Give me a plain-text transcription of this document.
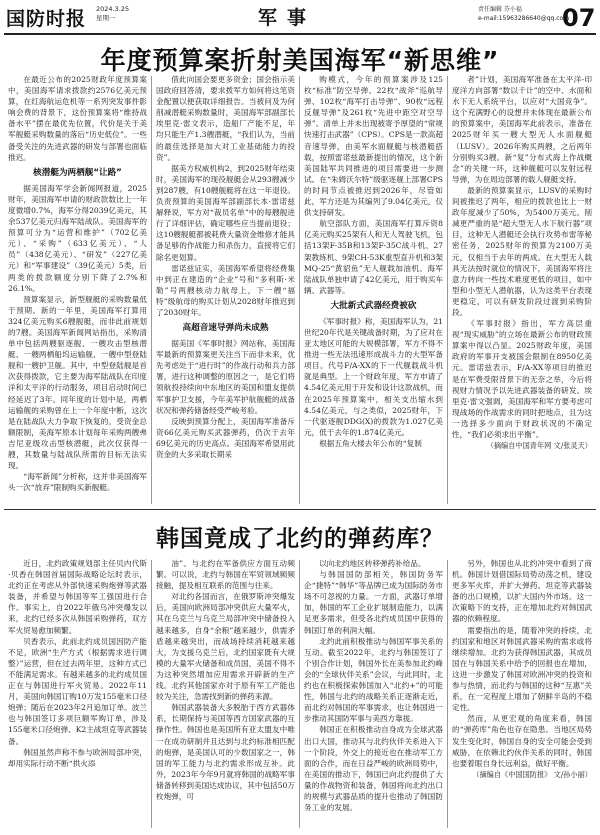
国防时报 2024.3.25
星期一	军事	责任编辑 芬小福
e-mail:15963286640@qq.com
07
年度预算案折射美国海军“新思维”

在最近公布的2025财政年度预算案中，美国海军请求拨款约2576亿美元预算，在红海航运危机等一系列突发事件影响会费的背景下，这份预算案将“维持战备水平”摆在最优先位置，代价是关于美军舰艇采购数量的落后“历史低位”。一些备受关注的先进武器的研发与部署也面临推迟。

核潜艇为两栖舰“让路”

据美国海军学会新闻网报道，2025财年，美国海军申请的财政款数比上一年度微增0.7%，海军分得2039亿美元，其余537亿美元归海军陆战队。美国海军的预算可分为“运营和维护”（702亿美元）、“采购”（633亿美元）、“人员”（438亿美元）、“研发”（227亿美元）和“军事建设”（39亿美元）5类，后两类的拨款额度分别下降了2.7%和26.1%。

预算案显示，新型舰艇的采购数量低于预期。新的一年里，美国海军打算用324亿美元购买6艘舰艇，而非此前规划的7艘。美国海军新闻网站指出，采购清单中包括两艘驱逐舰、一艘攻击型核潜艇、一艘两栖船坞运输舰、一艘中型登陆舰和一艘护卫舰。其中，中型登陆舰是首次获得拨款，它主要为海军陆战队在印度洋和太平洋的行动服务，项目启动时间已经延迟了3年。同年度的计划中是，两栖运输舰的采购曾在上一个年度中断，这次是在陆战队大力争取下恢复的。受资金总额限制，美海军原本计划每年采购两艘弗吉尼亚级攻击型核潜艇，此次仅获得一艘，其数量与陆战队所需的目标无法实现。

“海军新闻”分析称，这并非美国海军头一次“放弃”限制购买新舰艇。

借此向国会要更多资金；国会指示美国政府回答清，要求拨军方如何将这笔资金配置以便获取详细报告。当被问及为何削减潜艇采购数量时，美国海军部副部长埃里克·雷文表示，造船厂产能不足，年均只能生产1.3艘潜艇，“我们认为，当前的最佳选择是加大对工业基础能力的投资”。

据美方权威机构2，到2025财年结束时，美国海军的现役舰艇会从293艘减少到287艘，有10艘舰艇将在这一年退役。负责预算的美国海军部副部长本·雷诺兹解释说，军方对“裁员名单”中的每艘舰进行了详细评估，确定哪些应当提前退役；这10艘舰艇都被耗费大量资金维修才能具备足够的作战能力和杀伤力，直接将它们除名更划算。

雷诺兹证实，美国海军希望将经费集中到正在建造的“企业”号和“多利斯·米勒”号两艘核动力航母上，下一艘“福特”级航母的购买计划从2028财年推迟到了2030财年。

高超音速导弹尚未成熟

据美国《军事时报》网站称，美国海军最新的预算案更关注当下而非未来，优先考虑处于“进行时”的作战行动和兵力部署，进行这种调整的原因之一，是它们将领航投持续向中东地区的美国和盟友提供军事护卫支援，今年美军护航舰艇的战备状况和弹药储备经受严峻考验。

反映到预算分配上，美国海军准备斥资66亿美元购买武器弹药，仍次于去年69亿美元的历史高点。美国海军希望用此资金的大多采取长期采

购模式，今年的预算案涉及125枚“标准”防空导弹、22枚“战斧”巡航导弹、102枚“海军打击导弹”、90枚“远程反舰导弹”及261枚“先进中距空对空导弹”。清单上并未出现被寄予厚望的“常规快速打击武器”（CPS）。CPS是一款高超音速导弹，由美军水面舰艇与核潜艇搭载，按照雷诺兹最新提出的情况，这个新美国陆军共同推进的项目需要进一步测试。在“朱姆沃尔特”级驱逐舰上部署CPS的时间节点被推迟到2026年，尽管如此，军方还是为其编列了9.04亿美元，仅供支持研发。

航空部队方面，美国海军打算斥资8亿美元购买25架有人和无人驾驶飞机，包括13架F-35B和13架F-35C战斗机、27架教练机、9架CH-53K重型直升机和3架MQ-25“黄貂鱼”无人舰载加油机。海军陆战队单独申请了42亿美元，用于购买车辆、武器等。

大批新式武器经费被砍

《军事时报》称，美国海军认为，21世纪20年代是关键战备时期，为了应对在亚太地区可能的大规模部署，军方不得不推进一些无法迅速形成战斗力的大型军备项目。代号F/A-XX的下一代舰载战斗机就是典型。上一个财政年度，军方申请了4.54亿美元用于开发和设计这款战机，而在2025年预算案中，相关支出缩水到4.54亿美元，与之类似，2025财年，下一代驱逐舰DDG(X)的拨款为1.027亿美元，低于去年的1.874亿美元。

根据五角大楼去年公布的“复制

者”计划，美国海军准备在太平洋-印度洋方向部署“数以千计”的空中、水面和水下无人系统平台，以应对“大国竞争”。这个充满野心的设想并未体现在最新公布的预算案中，美国海军此前表示，准备在2025财年买一艘大型无人水面舰艇（LUSV）。2026年购买两艘，之后两年分别购买3艘。新“复”分布式海上作战概念”的关键一环，这种舰艇可以发射远程导弹，为在周边部署的载人舰艇支持。

最新的预算案显示，LUSV的采购时间被推迟了两年，相应的拨款也比上一财政年度减少了50%，为5400万美元。削减更严重的是“超大型无人水下航行器”项目，这种无人潜艇还会执行攻势布雷等秘密任务，2025财年的预算为2100万美元，仅相当于去年的两成。在大型无人载具无法按时就位的情况下，美国海军将注意力转向一些技术难度更低的项目，如中型和小型无人潜航器，认为这类平台表现更稳定，可以有研发阶段过渡到采购阶段。

《军事时报》指出，军方高层重视“现实威胁”的立场在最新公布的财政预算案中得以凸显。2025财政年度，美国政府的军事开支被国会限制在8950亿美元。雷诺兹表示，F/A-XX等项目的推迟是在军费受限背景下的无奈之举，今后将视财力情况予以先进武器装备的研发。埃里克·雷文强调，美国海军和军方要考虑可现战场的作战需求的同时把地点，且为这一选择多少面向于财政状况的不确定性，“我们必须求出平衡”。

（摘编自中国青年网 文/张灵天）
韩国竟成了北约的弹药库？

近日，北约政策规划部主任贝内代斯·贝香在韩国首届国际战略论坛时表示，北约正在考虑从外部快速采购炮弹等武器装备，并希望与韩国等军工强国进行合作。事实上，自2022年俄乌冲突爆发以来，北约已经多次从韩国采购弹药，双方军火贸易愈加频繁。

贝香表示，此前北约成员国因防产能不足，欧洲“生产方式（根据需求进行调整）”运营，但在过去两年里，这种方式已不能满足需求。有越来越多的北约成员国正在与韩国进行军火贸易。2022年11月，美国向韩国订购10万发155毫米口径炮弹；随后在2023年2月追加订单。波兰也与韩国签订多项巨额军购订单，涉及155毫米口径炮弹、K2主战坦克等武器装备。

韩国虽然声称不参与欧洲局部冲突，却用实际行动不断“拱火添

油”。与北约在军备供应方面互动频繁。可以说，北约与韩国在军贸领域频频接触，提及相互联系的范围与往来。

对北约各国而言，在俄罗斯冲突爆发后，美国向欧洲局部冲突供应大量军火，其在乌克兰与乌克兰局部冲突中储备投入越来越多，自身“余粮”越来越少，供需矛盾越来越突出，而战场持续消耗越来越大，为支援乌克兰后，北约国家既有大规模的大量军火储备和成员国，美国不得不为这种突然增加应用需求开辟新的生产线。北约其他国家亦对于原有军工产能也较为关注，急需找到新的弹药来源。

韩国武器装备大多脱胎于西方武器体系，长期保持与美国等西方国家武器的互操作性。韩国也是美国所有亚太盟友中唯一在成功研制并且达到与北约标准相匹配的炮弹，是美国认可的少数国家之一，韩国的军工能力与北约需求形成互补。此外，2023年今年9月就将韩国的战略军事储备转移到美国达成协议，其中包括50万枚炮弹，可

以向北约地区转移弹药补给品。

与韩国国防部相关，韩国防务军企“捷特”“韩华”等品牌已成为国际防务市场不可忽视的力量。一方面，武器订单增加，韩国的军工企业扩展制造能力，以满足更多需求，但受各北约成员国中获得的韩国订单的利润大幅。

北约此前积极推动与韩国军事关系的互动。截至2022年，北约与韩国签订了个别合作计划，韩国外长在美参加北约峰会的“全球伙伴关系”会议，与此同时，北约也在积极探索韩国加入“北约+”的可能性，韩国与北约的战略关系正逐渐走近，而北约对韩国的军事需求，也让韩国进一步推动其国防军事与美西方靠拢。

韩国正在积极推动自身成为全球武器出口大国，推动其与北约伙伴关系进入下一个阶段，外交上的接近也在推动军工方面的合作，而在日益严峻的欧洲局势中，在美国的推动下，韩国已向北约提供了大量的作战物资和装备，韩国将向北约出口的规模与武器品质的提升也推动了韩国防务工业的发展。

另外，韩国也从北约冲突中看到了商机。韩国计划借国际局势动荡之机，建设更多军火库，并扩大弹药、坦克等武器装备的出口规模，以扩大国内外市场。这一次策略下的支持，正在增加北约对韩国武器的依赖程度。

需要指出的是，随着冲突的持续，北约国家和地区对韩国武器采购的需求或将继续增加。北约为获得韩国武器，其成员国在与韩国关系中给予的回报也在增加，这进一步激发了韩国对欧洲冲突的投资和参与热情，而北约与韩国的这种“互惠”关系，在一定程度上增加了朝鲜半岛的不稳定性。

然而，从更宏观的角度来看，韩国的“弹药库”角色也存在隐患。当地区局势发生变化时，韩国自身的安全可能会受到威胁，在依赖北约伙伴关系的同时，韩国也要着眼自身长远利益，做好平衡。

（摘编自《中国国防报》 文/孙小丽）
